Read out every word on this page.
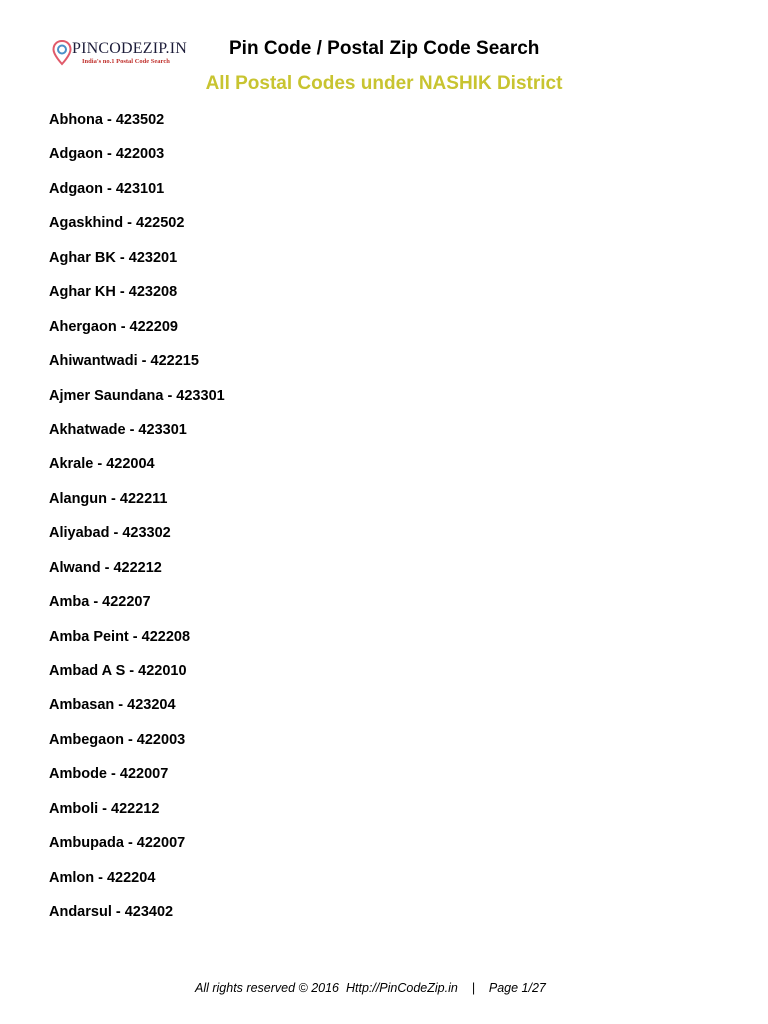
PINCODEZIP.IN
India's no.1 Postal Code Search
Pin Code / Postal Zip Code Search
All Postal Codes under NASHIK District
Abhona - 423502
Adgaon - 422003
Adgaon - 423101
Agaskhind - 422502
Aghar BK - 423201
Aghar KH - 423208
Ahergaon - 422209
Ahiwantwadi - 422215
Ajmer Saundana - 423301
Akhatwade - 423301
Akrale - 422004
Alangun - 422211
Aliyabad - 423302
Alwand - 422212
Amba - 422207
Amba Peint - 422208
Ambad A S - 422010
Ambasan - 423204
Ambegaon - 422003
Ambode - 422007
Amboli - 422212
Ambupada - 422007
Amlon - 422204
Andarsul - 423402
All rights reserved © 2016 Http://PinCodeZip.in | Page 1/27
